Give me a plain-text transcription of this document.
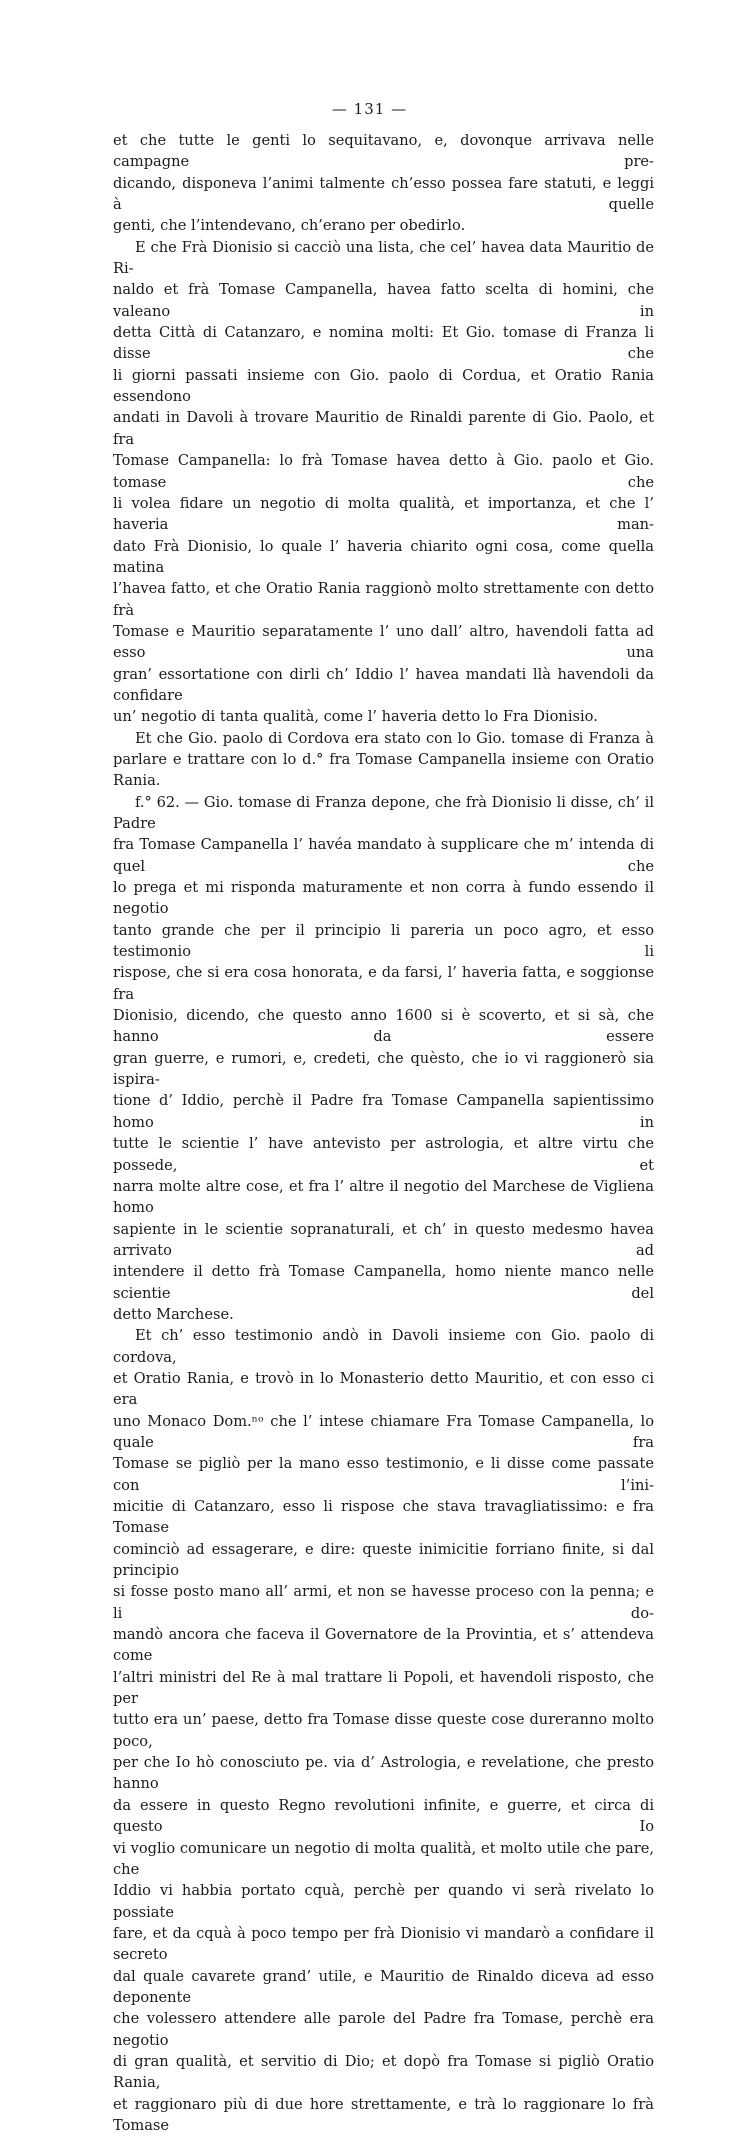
— 131 —

et che tutte le genti lo sequitavano, e, dovonque arrivava nelle campagne pre-

dicando, disponeva l’animi talmente ch’esso possea fare statuti, e leggi à quelle

genti, che l’intendevano, ch’erano per obedirlo.

E che Frà Dionisio si cacciò una lista, che cel’ havea data Mauritio de Ri-

naldo et frà Tomase Campanella, havea fatto scelta di homini, che valeano in

detta Città di Catanzaro, e nomina molti: Et Gio. tomase di Franza li disse che

li giorni passati insieme con Gio. paolo di Cordua, et Oratio Rania essendono

andati in Davoli à trovare Mauritio de Rinaldi parente di Gio. Paolo, et fra

Tomase Campanella: lo frà Tomase havea detto à Gio. paolo et Gio. tomase che

li volea fidare un negotio di molta qualità, et importanza, et che l’ haveria man-

dato Frà Dionisio, lo quale l’ haveria chiarito ogni cosa, come quella matina

l’havea fatto, et che Oratio Rania raggionò molto strettamente con detto frà

Tomase e Mauritio separatamente l’ uno dall’ altro, havendoli fatta ad esso una

gran’ essortatione con dirli ch’ Iddio l’ havea mandati llà havendoli da confidare

un’ negotio di tanta qualità, come l’ haveria detto lo Fra Dionisio.

Et che Gio. paolo di Cordova era stato con lo Gio. tomase di Franza à

parlare e trattare con lo d.° fra Tomase Campanella insieme con Oratio Rania.

f.° 62. — Gio. tomase di Franza depone, che frà Dionisio li disse, ch’ il Padre

fra Tomase Campanella l’ havéa mandato à supplicare che m’ intenda di quel che

lo prega et mi risponda maturamente et non corra à fundo essendo il negotio

tanto grande che per il principio li pareria un poco agro, et esso testimonio li

rispose, che si era cosa honorata, e da farsi, l’ haveria fatta, e soggionse fra

Dionisio, dicendo, che questo anno 1600 si è scoverto, et si sà, che hanno da essere

gran guerre, e rumori, e, credeti, che quèsto, che io vi raggionerò sia ispira-

tione d’ Iddio, perchè il Padre fra Tomase Campanella sapientissimo homo in

tutte le scientie l’ have antevisto per astrologia, et altre virtu che possede, et

narra molte altre cose, et fra l’ altre il negotio del Marchese de Vigliena homo

sapiente in le scientie sopranaturali, et ch’ in questo medesmo havea arrivato ad

intendere il detto frà Tomase Campanella, homo niente manco nelle scientie del

detto Marchese.

Et ch’ esso testimonio andò in Davoli insieme con Gio. paolo di cordova,

et Oratio Rania, e trovò in lo Monasterio detto Mauritio, et con esso ci era

uno Monaco Dom.ⁿᵒ che l’ intese chiamare Fra Tomase Campanella, lo quale fra

Tomase se pigliò per la mano esso testimonio, e li disse come passate con l’ini-

micitie di Catanzaro, esso li rispose che stava travagliatissimo: e fra Tomase

cominciò ad essagerare, e dire: queste inimicitie forriano finite, si dal principio

si fosse posto mano all’ armi, et non se havesse proceso con la penna; e li do-

mandò ancora che faceva il Governatore de la Provintia, et s’ attendeva come

l’altri ministri del Re à mal trattare li Popoli, et havendoli risposto, che per

tutto era un’ paese, detto fra Tomase disse queste cose dureranno molto poco,

per che Io hò conosciuto pe. via d’ Astrologia, e revelatione, che presto hanno

da essere in questo Regno revolutioni infinite, e guerre, et circa di questo Io

vi voglio comunicare un negotio di molta qualità, et molto utile che pare, che

Iddio vi habbia portato cquà, perchè per quando vi serà rivelato lo possiate

fare, et da cquà à poco tempo per frà Dionisio vi mandarò a confidare il secreto

dal quale cavarete grand’ utile, e Mauritio de Rinaldo diceva ad esso deponente

che volessero attendere alle parole del Padre fra Tomase, perchè era negotio

di gran qualità, et servitio di Dio; et dopò fra Tomase si pigliò Oratio Rania,

et raggionaro più di due hore strettamente, e trà lo raggionare lo frà Tomase
